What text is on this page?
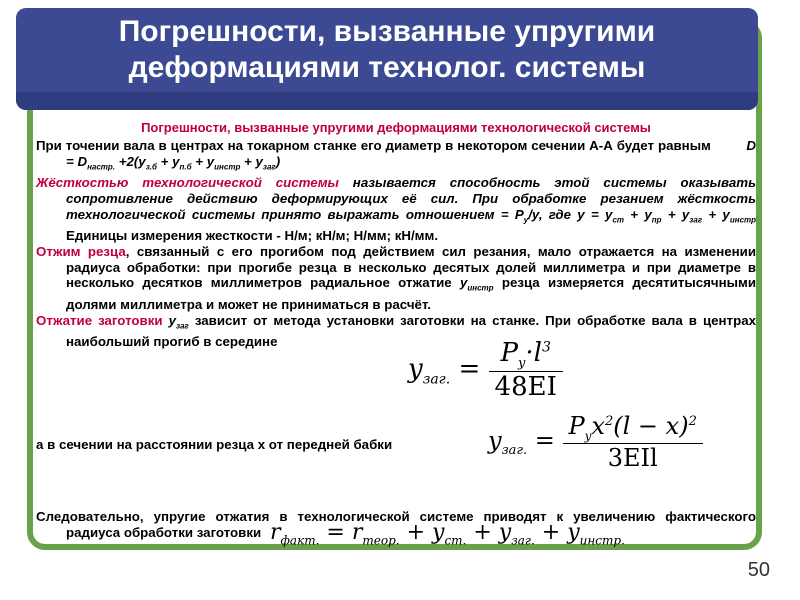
Погрешности, вызванные упругими деформациями технолог. системы
Погрешности, вызванные упругими деформациями технологической системы
При точении вала в центрах на токарном станке его диаметр в некотором сечении А-А будет равным	$D = D_{настр.} +2(y_{з.б} + y_{п.б} + y_{инстр} + y_{заг})$
Жёсткостью технологической системы называется способность этой системы оказывать сопротивление действию деформирующих её сил. При обработке резанием жёсткость технологической системы принято выражать отношением = $P_y/y$, где $y = y_{ст} + y_{пр} + y_{заг} + y_{инстр}$ Единицы измерения жесткости - Н/м; кН/м; Н/мм; кН/мм.
Отжим резца, связанный с его прогибом под действием сил резания, мало отражается на изменении радиуса обработки: при прогибе резца в несколько десятых долей миллиметра и при диаметре в несколько десятков миллиметров радиальное отжатие $y_{инстр}$ резца измеряется десятитысячными долями миллиметра и может не приниматься в расчёт.
Отжатие заготовки $y_{заг}$ зависит от метода установки заготовки на станке. При обработке вала в центрах наибольший прогиб в середине
$y_{заг.} = \frac{P_y\cdot l^3}{48EI}$
а в сечении на расстоянии резца х от передней бабки	$y_{заг.} = \frac{P_yx^2(l - x)^2}{\text{3EIl}}$
Следовательно, упругие отжатия в технологической системе приводят к увеличению фактического радиуса обработки заготовки $r_{факт.} = r_{теор.} + y_{ст.} + y_{заг.} + y_{инстр.}$
50
